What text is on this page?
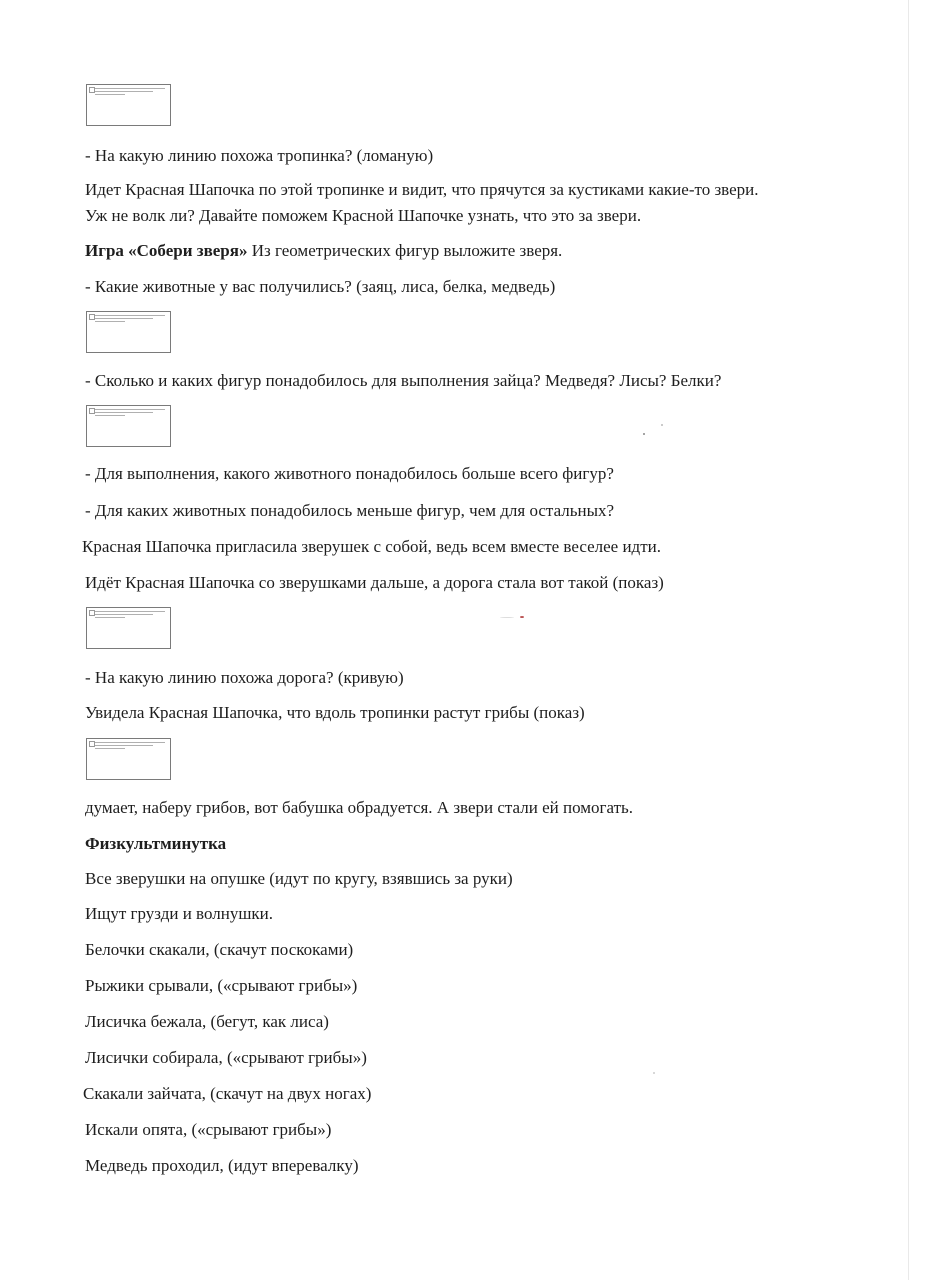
- На какую линию похожа тропинка? (ломаную)

Идет Красная Шапочка по этой тропинке и видит, что прячутся за кустиками какие-то звери.

Уж не волк ли? Давайте поможем Красной Шапочке узнать, что это за звери.

Игра «Собери зверя» Из геометрических фигур выложите зверя.

- Какие животные у вас получились? (заяц, лиса, белка, медведь)

- Сколько и каких фигур понадобилось для выполнения зайца? Медведя? Лисы? Белки?

- Для выполнения, какого животного понадобилось больше всего фигур?

- Для каких животных понадобилось меньше фигур, чем для остальных?

Красная Шапочка пригласила зверушек с собой, ведь всем вместе веселее идти.

Идёт Красная Шапочка со зверушками дальше, а дорога стала вот такой (показ)

- На какую линию похожа дорога? (кривую)

Увидела Красная Шапочка, что вдоль тропинки растут грибы (показ)

думает, наберу грибов, вот бабушка обрадуется. А звери стали ей помогать.

Физкультминутка

Все зверушки на опушке (идут по кругу, взявшись за руки)

Ищут грузди и волнушки.

Белочки скакали, (скачут поскоками)

Рыжики срывали, («срывают грибы»)

Лисичка бежала, (бегут, как лиса)

Лисички собирала, («срывают грибы»)

Скакали зайчата, (скачут на двух ногах)

Искали опята, («срывают грибы»)

Медведь проходил, (идут вперевалку)
